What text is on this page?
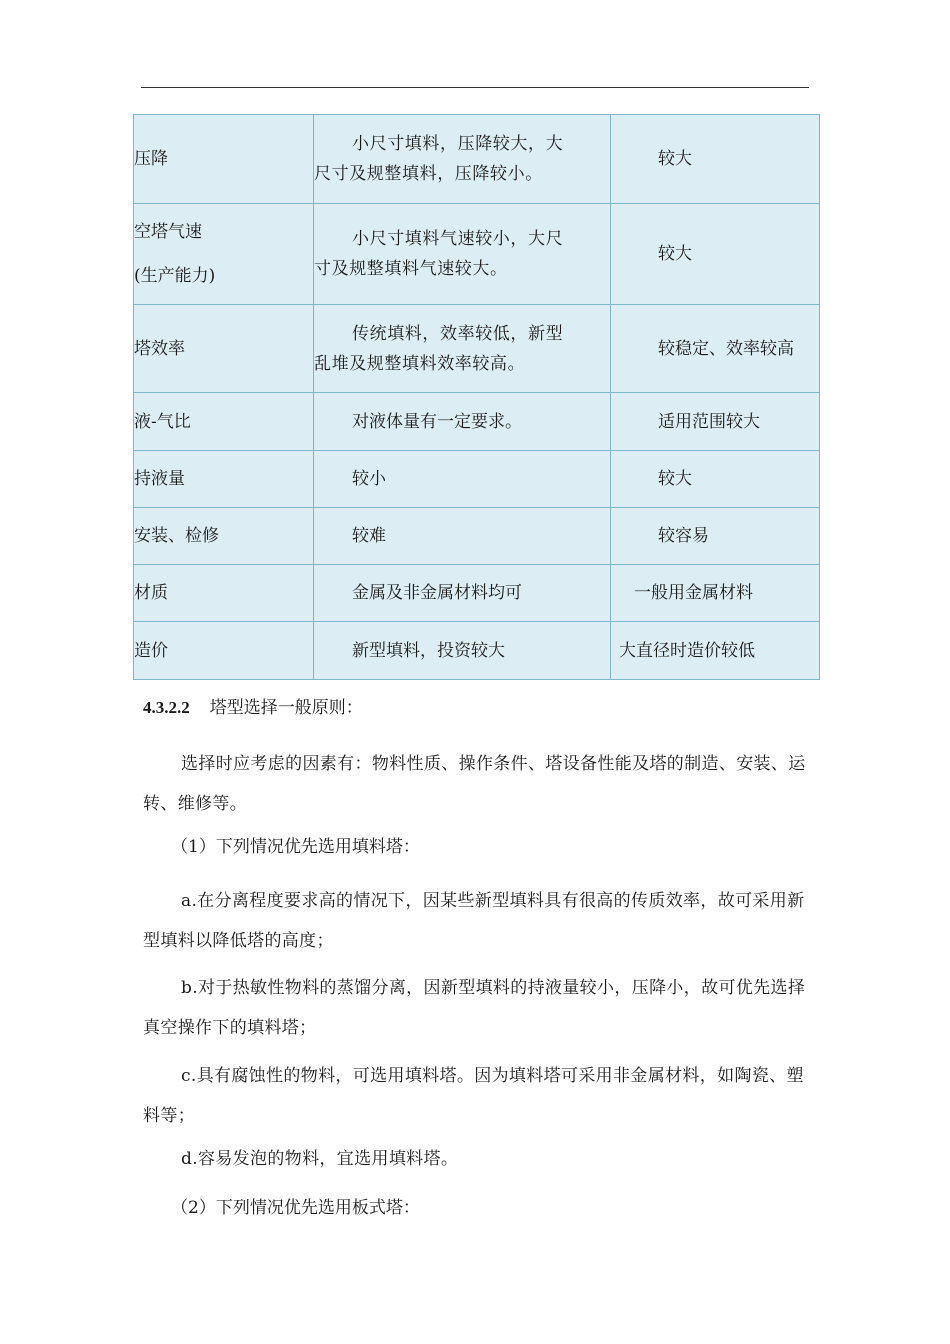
压降	小尺寸填料，压降较大，大
尺寸及规整填料，压降较小。	较大

空塔气速
(生产能力)	小尺寸填料气速较小，大尺
寸及规整填料气速较大。	较大
塔效率	传统填料，效率较低，新型
乱堆及规整填料效率较高。	较稳定、效率较高
液-气比	对液体量有一定要求。	适用范围较大
持液量	较小	较大
安装、检修	较难	较容易
材质	金属及非金属材料均可	一般用金属材料
造价	新型填料，投资较大	大直径时造价较低
4.3.2.2 塔型选择一般原则：
选择时应考虑的因素有：物料性质、操作条件、塔设备性能及塔的制造、安装、运转、维修等。
（1）下列情况优先选用填料塔：
a.在分离程度要求高的情况下，因某些新型填料具有很高的传质效率，故可采用新型填料以降低塔的高度；
b.对于热敏性物料的蒸馏分离，因新型填料的持液量较小，压降小，故可优先选择真空操作下的填料塔；
c.具有腐蚀性的物料，可选用填料塔。因为填料塔可采用非金属材料，如陶瓷、塑料等；
d.容易发泡的物料，宜选用填料塔。
（2）下列情况优先选用板式塔：
